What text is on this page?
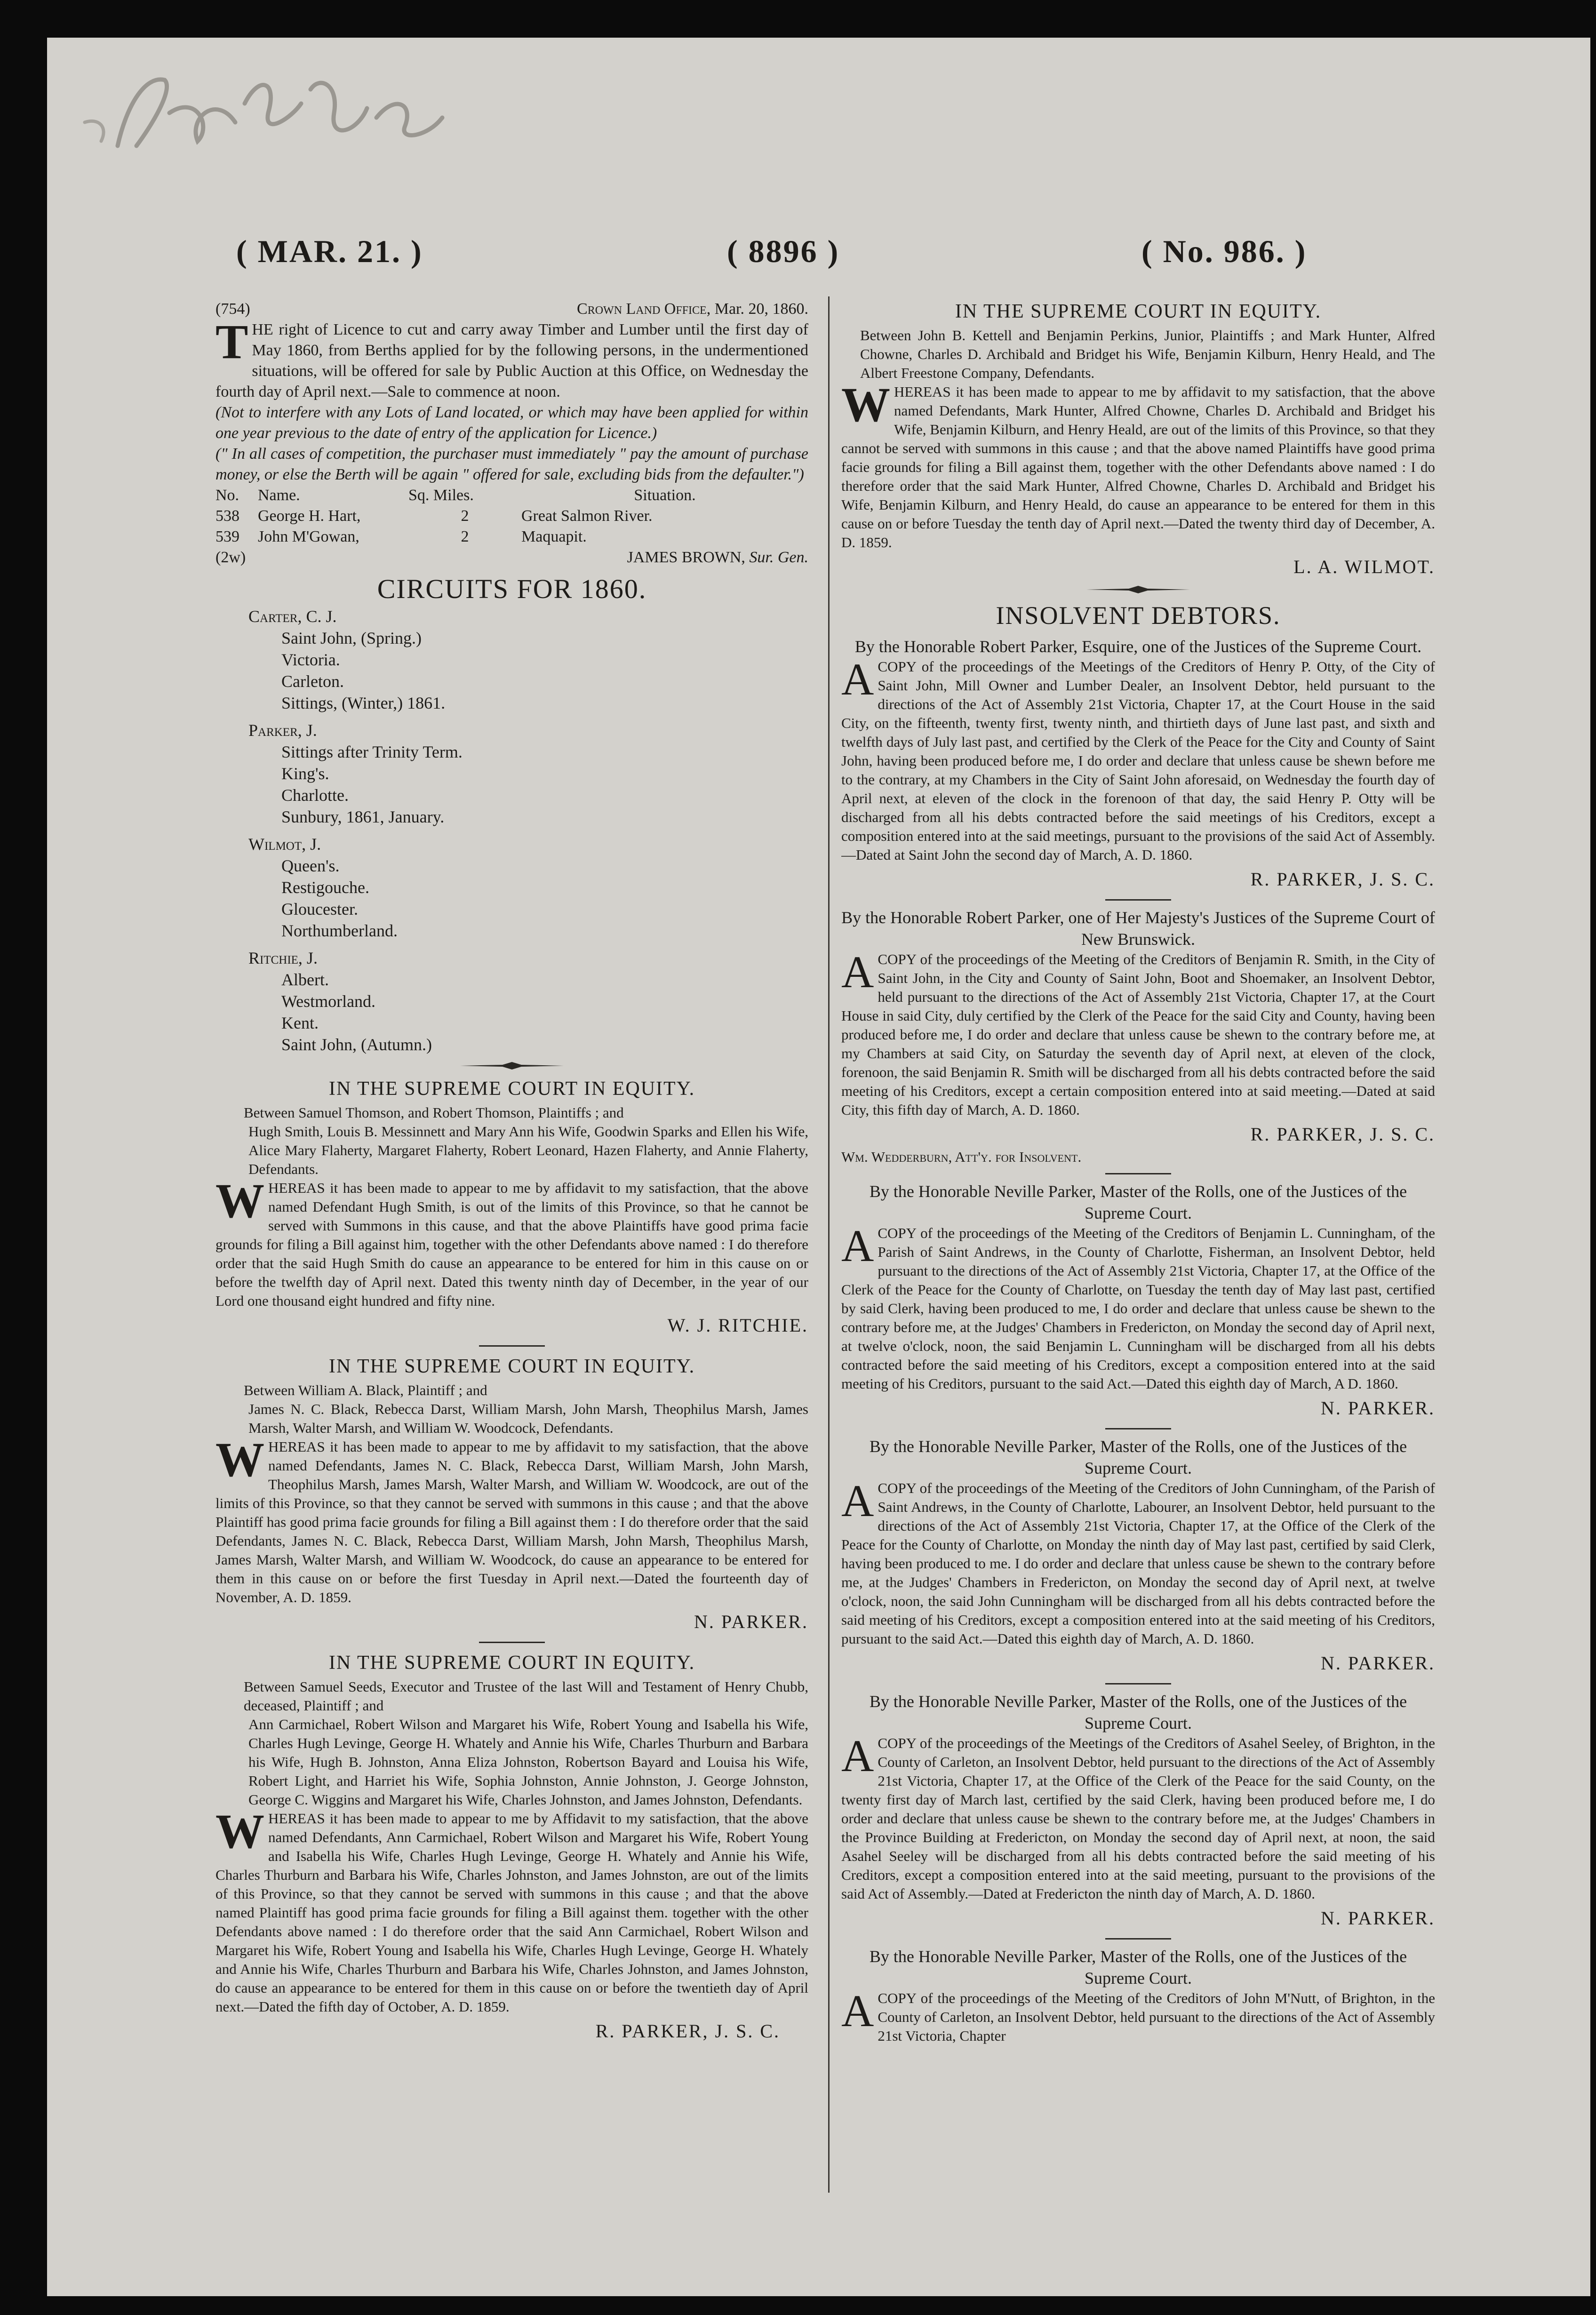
( MAR. 21. )	( 8896 )	( No. 986. )

(754)	Crown Land Office, Mar. 20, 1860.

T HE right of Licence to cut and carry away Timber and Lumber until the first day of May 1860, from Berths applied for by the following persons, in the undermentioned situations, will be offered for sale by Public Auction at this Office, on Wednesday the fourth day of April next.—Sale to commence at noon.

(Not to interfere with any Lots of Land located, or which may have been applied for within one year previous to the date of entry of the application for Licence.)

(" In all cases of competition, the purchaser must immediately " pay the amount of purchase money, or else the Berth will be again " offered for sale, excluding bids from the defaulter.")

No.	Name.	Sq. Miles.	Situation.
538	George H. Hart,	2	Great Salmon River.
539	John M'Gowan,	2	Maquapit.

(2w)	JAMES BROWN, Sur. Gen.

CIRCUITS FOR 1860.
Carter, C. J.
Saint John, (Spring.)
Victoria.
Carleton.
Sittings, (Winter,) 1861.
Parker, J.
Sittings after Trinity Term.
King's.
Charlotte.
Sunbury, 1861, January.
Wilmot, J.
Queen's.
Restigouche.
Gloucester.
Northumberland.
Ritchie, J.
Albert.
Westmorland.
Kent.
Saint John, (Autumn.)
IN THE SUPREME COURT IN EQUITY.

Between Samuel Thomson, and Robert Thomson, Plaintiffs ; and

Hugh Smith, Louis B. Messinnett and Mary Ann his Wife, Goodwin Sparks and Ellen his Wife, Alice Mary Flaherty, Margaret Flaherty, Robert Leonard, Hazen Flaherty, and Annie Flaherty, Defendants.

W HEREAS it has been made to appear to me by affidavit to my satisfaction, that the above named Defendant Hugh Smith, is out of the limits of this Province, so that he cannot be served with Summons in this cause, and that the above Plaintiffs have good prima facie grounds for filing a Bill against him, together with the other Defendants above named : I do therefore order that the said Hugh Smith do cause an appearance to be entered for him in this cause on or before the twelfth day of April next. Dated this twenty ninth day of December, in the year of our Lord one thousand eight hundred and fifty nine.

W. J. RITCHIE.

IN THE SUPREME COURT IN EQUITY.

Between William A. Black, Plaintiff ; and

James N. C. Black, Rebecca Darst, William Marsh, John Marsh, Theophilus Marsh, James Marsh, Walter Marsh, and William W. Woodcock, Defendants.

W HEREAS it has been made to appear to me by affidavit to my satisfaction, that the above named Defendants, James N. C. Black, Rebecca Darst, William Marsh, John Marsh, Theophilus Marsh, James Marsh, Walter Marsh, and William W. Woodcock, are out of the limits of this Province, so that they cannot be served with summons in this cause ; and that the above Plaintiff has good prima facie grounds for filing a Bill against them : I do therefore order that the said Defendants, James N. C. Black, Rebecca Darst, William Marsh, John Marsh, Theophilus Marsh, James Marsh, Walter Marsh, and William W. Woodcock, do cause an appearance to be entered for them in this cause on or before the first Tuesday in April next.—Dated the fourteenth day of November, A. D. 1859.

N. PARKER.

IN THE SUPREME COURT IN EQUITY.

Between Samuel Seeds, Executor and Trustee of the last Will and Testament of Henry Chubb, deceased, Plaintiff ; and

Ann Carmichael, Robert Wilson and Margaret his Wife, Robert Young and Isabella his Wife, Charles Hugh Levinge, George H. Whately and Annie his Wife, Charles Thurburn and Barbara his Wife, Hugh B. Johnston, Anna Eliza Johnston, Robertson Bayard and Louisa his Wife, Robert Light, and Harriet his Wife, Sophia Johnston, Annie Johnston, J. George Johnston, George C. Wiggins and Margaret his Wife, Charles Johnston, and James Johnston, Defendants.

W HEREAS it has been made to appear to me by Affidavit to my satisfaction, that the above named Defendants, Ann Carmichael, Robert Wilson and Margaret his Wife, Robert Young and Isabella his Wife, Charles Hugh Levinge, George H. Whately and Annie his Wife, Charles Thurburn and Barbara his Wife, Charles Johnston, and James Johnston, are out of the limits of this Province, so that they cannot be served with summons in this cause ; and that the above named Plaintiff has good prima facie grounds for filing a Bill against them. together with the other Defendants above named : I do therefore order that the said Ann Carmichael, Robert Wilson and Margaret his Wife, Robert Young and Isabella his Wife, Charles Hugh Levinge, George H. Whately and Annie his Wife, Charles Thurburn and Barbara his Wife, Charles Johnston, and James Johnston, do cause an appearance to be entered for them in this cause on or before the twentieth day of April next.—Dated the fifth day of October, A. D. 1859.

R. PARKER, J. S. C.

IN THE SUPREME COURT IN EQUITY.

Between John B. Kettell and Benjamin Perkins, Junior, Plaintiffs ; and Mark Hunter, Alfred Chowne, Charles D. Archibald and Bridget his Wife, Benjamin Kilburn, Henry Heald, and The Albert Freestone Company, Defendants.

W HEREAS it has been made to appear to me by affidavit to my satisfaction, that the above named Defendants, Mark Hunter, Alfred Chowne, Charles D. Archibald and Bridget his Wife, Benjamin Kilburn, and Henry Heald, are out of the limits of this Province, so that they cannot be served with summons in this cause ; and that the above named Plaintiffs have good prima facie grounds for filing a Bill against them, together with the other Defendants above named : I do therefore order that the said Mark Hunter, Alfred Chowne, Charles D. Archibald and Bridget his Wife, Benjamin Kilburn, and Henry Heald, do cause an appearance to be entered for them in this cause on or before Tuesday the tenth day of April next.—Dated the twenty third day of December, A. D. 1859.

L. A. WILMOT.

INSOLVENT DEBTORS.

By the Honorable Robert Parker, Esquire, one of the Justices of the Supreme Court.

A COPY of the proceedings of the Meetings of the Creditors of Henry P. Otty, of the City of Saint John, Mill Owner and Lumber Dealer, an Insolvent Debtor, held pursuant to the directions of the Act of Assembly 21st Victoria, Chapter 17, at the Court House in the said City, on the fifteenth, twenty first, twenty ninth, and thirtieth days of June last past, and sixth and twelfth days of July last past, and certified by the Clerk of the Peace for the City and County of Saint John, having been produced before me, I do order and declare that unless cause be shewn before me to the contrary, at my Chambers in the City of Saint John aforesaid, on Wednesday the fourth day of April next, at eleven of the clock in the forenoon of that day, the said Henry P. Otty will be discharged from all his debts contracted before the said meetings of his Creditors, except a composition entered into at the said meetings, pursuant to the provisions of the said Act of Assembly.—Dated at Saint John the second day of March, A. D. 1860.

R. PARKER, J. S. C.

By the Honorable Robert Parker, one of Her Majesty's Justices of the Supreme Court of New Brunswick.

A COPY of the proceedings of the Meeting of the Creditors of Benjamin R. Smith, in the City of Saint John, in the City and County of Saint John, Boot and Shoemaker, an Insolvent Debtor, held pursuant to the directions of the Act of Assembly 21st Victoria, Chapter 17, at the Court House in said City, duly certified by the Clerk of the Peace for the said City and County, having been produced before me, I do order and declare that unless cause be shewn to the contrary before me, at my Chambers at said City, on Saturday the seventh day of April next, at eleven of the clock, forenoon, the said Benjamin R. Smith will be discharged from all his debts contracted before the said meeting of his Creditors, except a certain composition entered into at said meeting.—Dated at said City, this fifth day of March, A. D. 1860.

R. PARKER, J. S. C.

Wm. Wedderburn, Att'y. for Insolvent.

By the Honorable Neville Parker, Master of the Rolls, one of the Justices of the Supreme Court.

A COPY of the proceedings of the Meeting of the Creditors of Benjamin L. Cunningham, of the Parish of Saint Andrews, in the County of Charlotte, Fisherman, an Insolvent Debtor, held pursuant to the directions of the Act of Assembly 21st Victoria, Chapter 17, at the Office of the Clerk of the Peace for the County of Charlotte, on Tuesday the tenth day of May last past, certified by said Clerk, having been produced to me, I do order and declare that unless cause be shewn to the contrary before me, at the Judges' Chambers in Fredericton, on Monday the second day of April next, at twelve o'clock, noon, the said Benjamin L. Cunningham will be discharged from all his debts contracted before the said meeting of his Creditors, except a composition entered into at the said meeting of his Creditors, pursuant to the said Act.—Dated this eighth day of March, A D. 1860.

N. PARKER.

By the Honorable Neville Parker, Master of the Rolls, one of the Justices of the Supreme Court.

A COPY of the proceedings of the Meeting of the Creditors of John Cunningham, of the Parish of Saint Andrews, in the County of Charlotte, Labourer, an Insolvent Debtor, held pursuant to the directions of the Act of Assembly 21st Victoria, Chapter 17, at the Office of the Clerk of the Peace for the County of Charlotte, on Monday the ninth day of May last past, certified by said Clerk, having been produced to me. I do order and declare that unless cause be shewn to the contrary before me, at the Judges' Chambers in Fredericton, on Monday the second day of April next, at twelve o'clock, noon, the said John Cunningham will be discharged from all his debts contracted before the said meeting of his Creditors, except a composition entered into at the said meeting of his Creditors, pursuant to the said Act.—Dated this eighth day of March, A. D. 1860.

N. PARKER.

By the Honorable Neville Parker, Master of the Rolls, one of the Justices of the Supreme Court.

A COPY of the proceedings of the Meetings of the Creditors of Asahel Seeley, of Brighton, in the County of Carleton, an Insolvent Debtor, held pursuant to the directions of the Act of Assembly 21st Victoria, Chapter 17, at the Office of the Clerk of the Peace for the said County, on the twenty first day of March last, certified by the said Clerk, having been produced before me, I do order and declare that unless cause be shewn to the contrary before me, at the Judges' Chambers in the Province Building at Fredericton, on Monday the second day of April next, at noon, the said Asahel Seeley will be discharged from all his debts contracted before the said meeting of his Creditors, except a composition entered into at the said meeting, pursuant to the provisions of the said Act of Assembly.—Dated at Fredericton the ninth day of March, A. D. 1860.

N. PARKER.

By the Honorable Neville Parker, Master of the Rolls, one of the Justices of the Supreme Court.

A COPY of the proceedings of the Meeting of the Creditors of John M'Nutt, of Brighton, in the County of Carleton, an Insolvent Debtor, held pursuant to the directions of the Act of Assembly 21st Victoria, Chapter
